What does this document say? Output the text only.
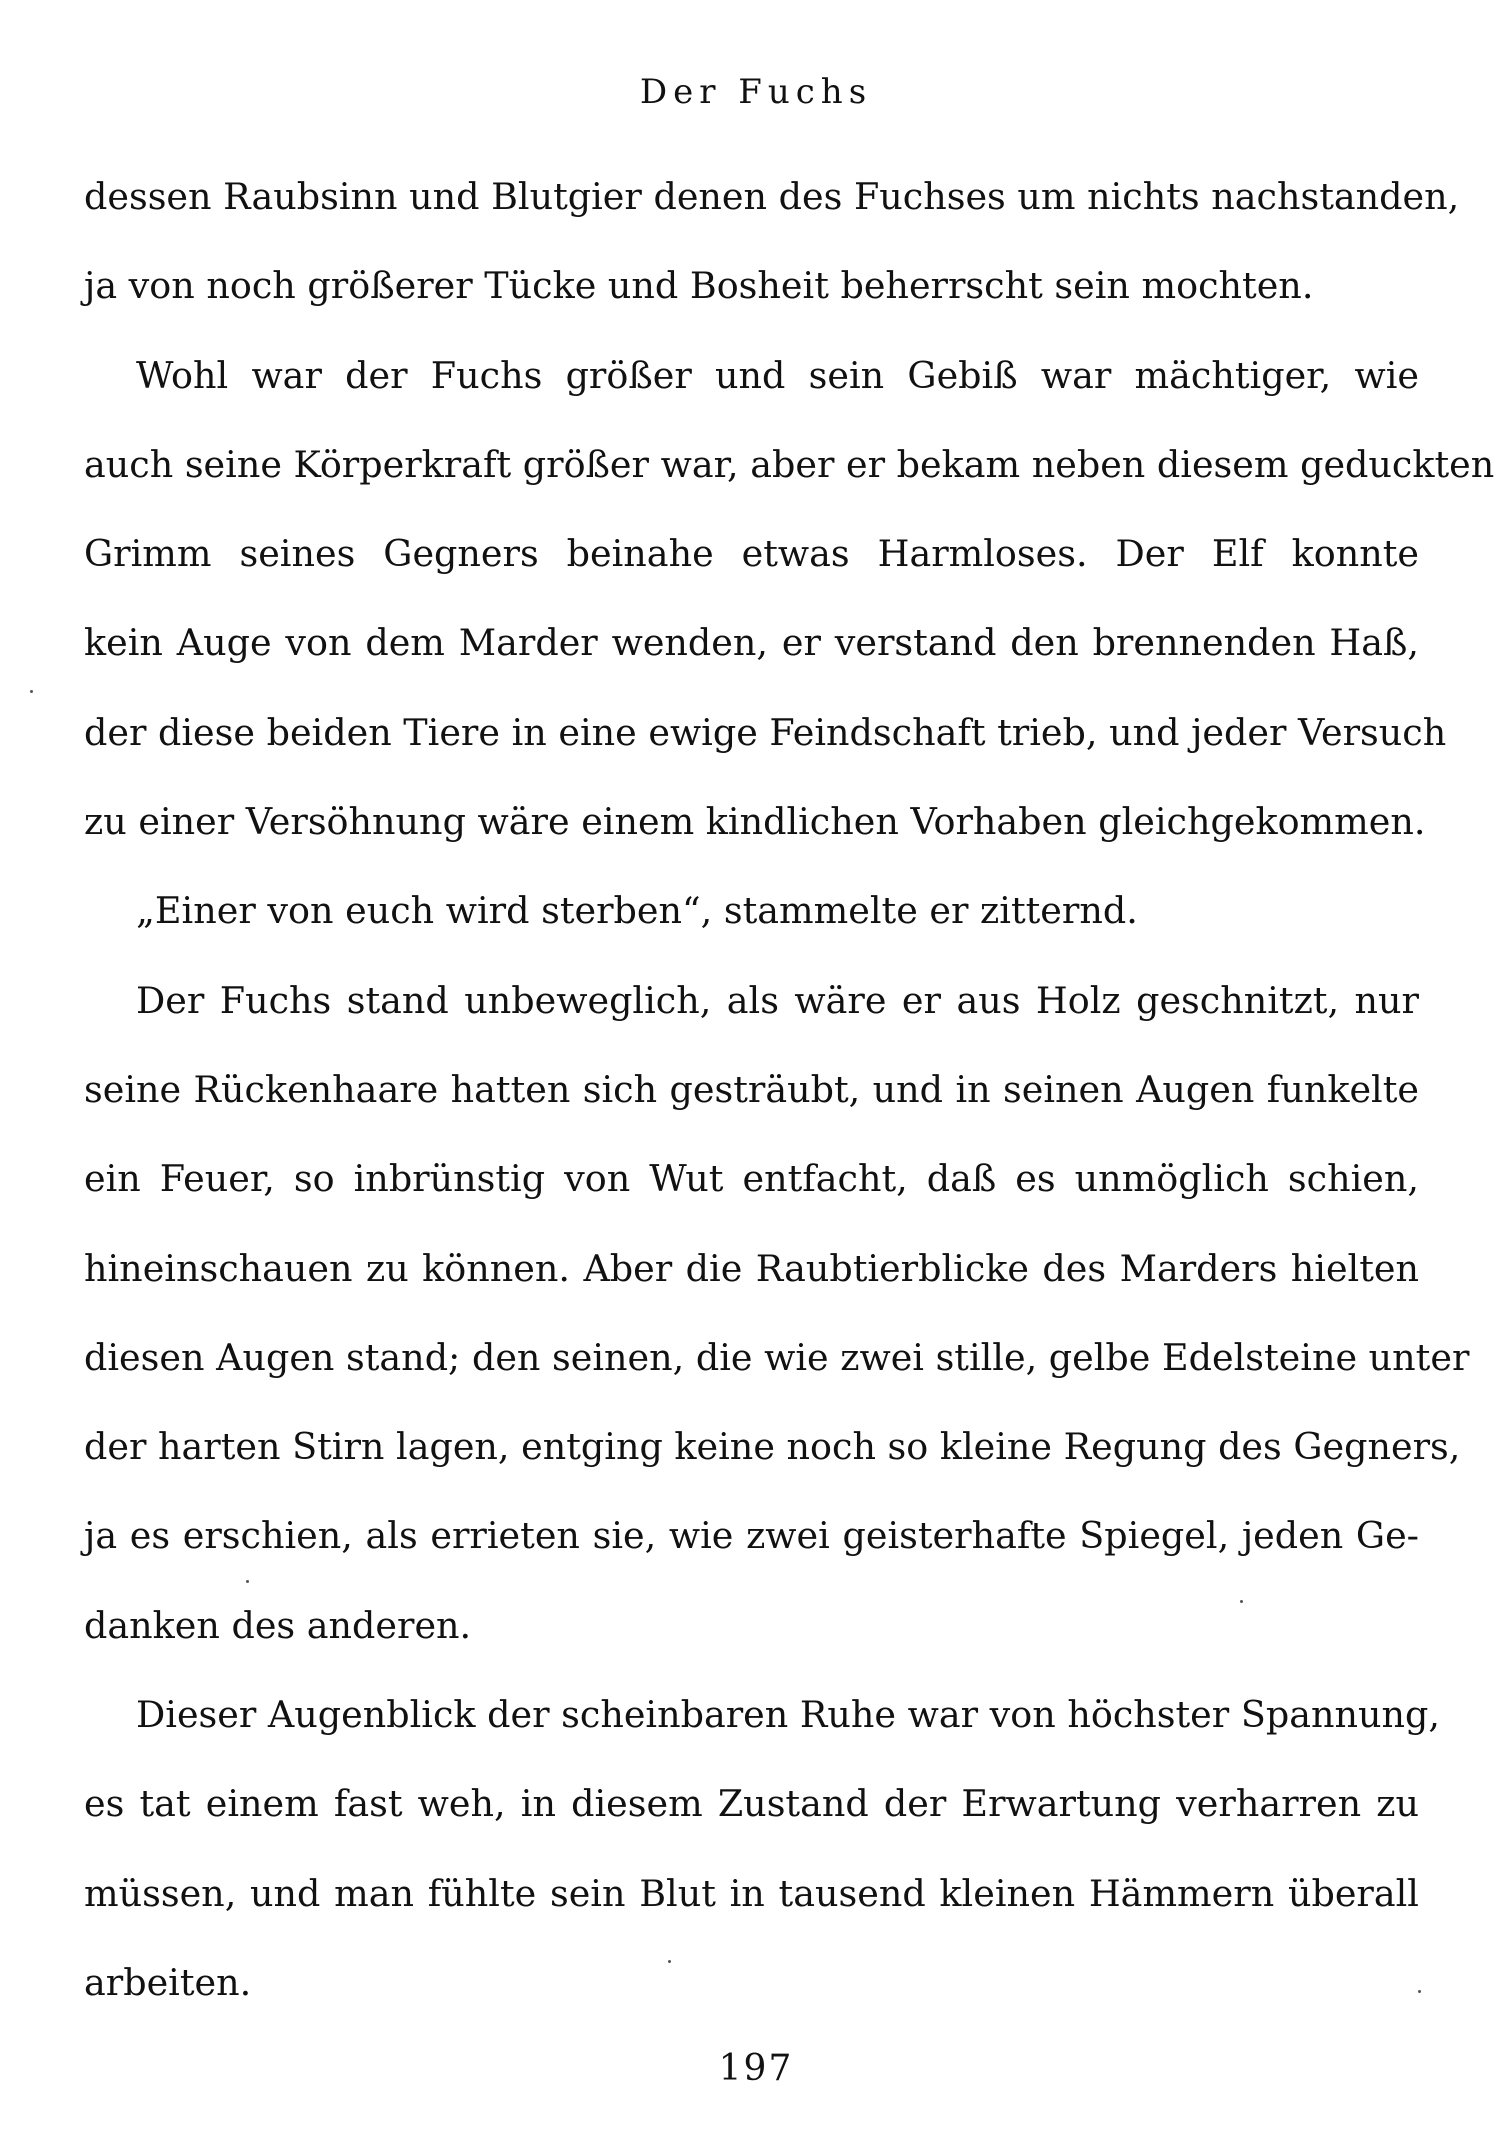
Der Fuchs
dessen Raubsinn und Blutgier denen des Fuchses um nichts nachstanden,
ja von noch größerer Tücke und Bosheit beherrscht sein mochten.
Wohl war der Fuchs größer und sein Gebiß war mächtiger, wie
auch seine Körperkraft größer war, aber er bekam neben diesem geduckten
Grimm seines Gegners beinahe etwas Harmloses. Der Elf konnte
kein Auge von dem Marder wenden, er verstand den brennenden Haß,
der diese beiden Tiere in eine ewige Feindschaft trieb, und jeder Versuch
zu einer Versöhnung wäre einem kindlichen Vorhaben gleichgekommen.
„Einer von euch wird sterben“, stammelte er zitternd.
Der Fuchs stand unbeweglich, als wäre er aus Holz geschnitzt, nur
seine Rückenhaare hatten sich gesträubt, und in seinen Augen funkelte
ein Feuer, so inbrünstig von Wut entfacht, daß es unmöglich schien,
hineinschauen zu können. Aber die Raubtierblicke des Marders hielten
diesen Augen stand; den seinen, die wie zwei stille, gelbe Edelsteine unter
der harten Stirn lagen, entging keine noch so kleine Regung des Gegners,
ja es erschien, als errieten sie, wie zwei geisterhafte Spiegel, jeden Ge-
danken des anderen.
Dieser Augenblick der scheinbaren Ruhe war von höchster Spannung,
es tat einem fast weh, in diesem Zustand der Erwartung verharren zu
müssen, und man fühlte sein Blut in tausend kleinen Hämmern überall
arbeiten.
197
